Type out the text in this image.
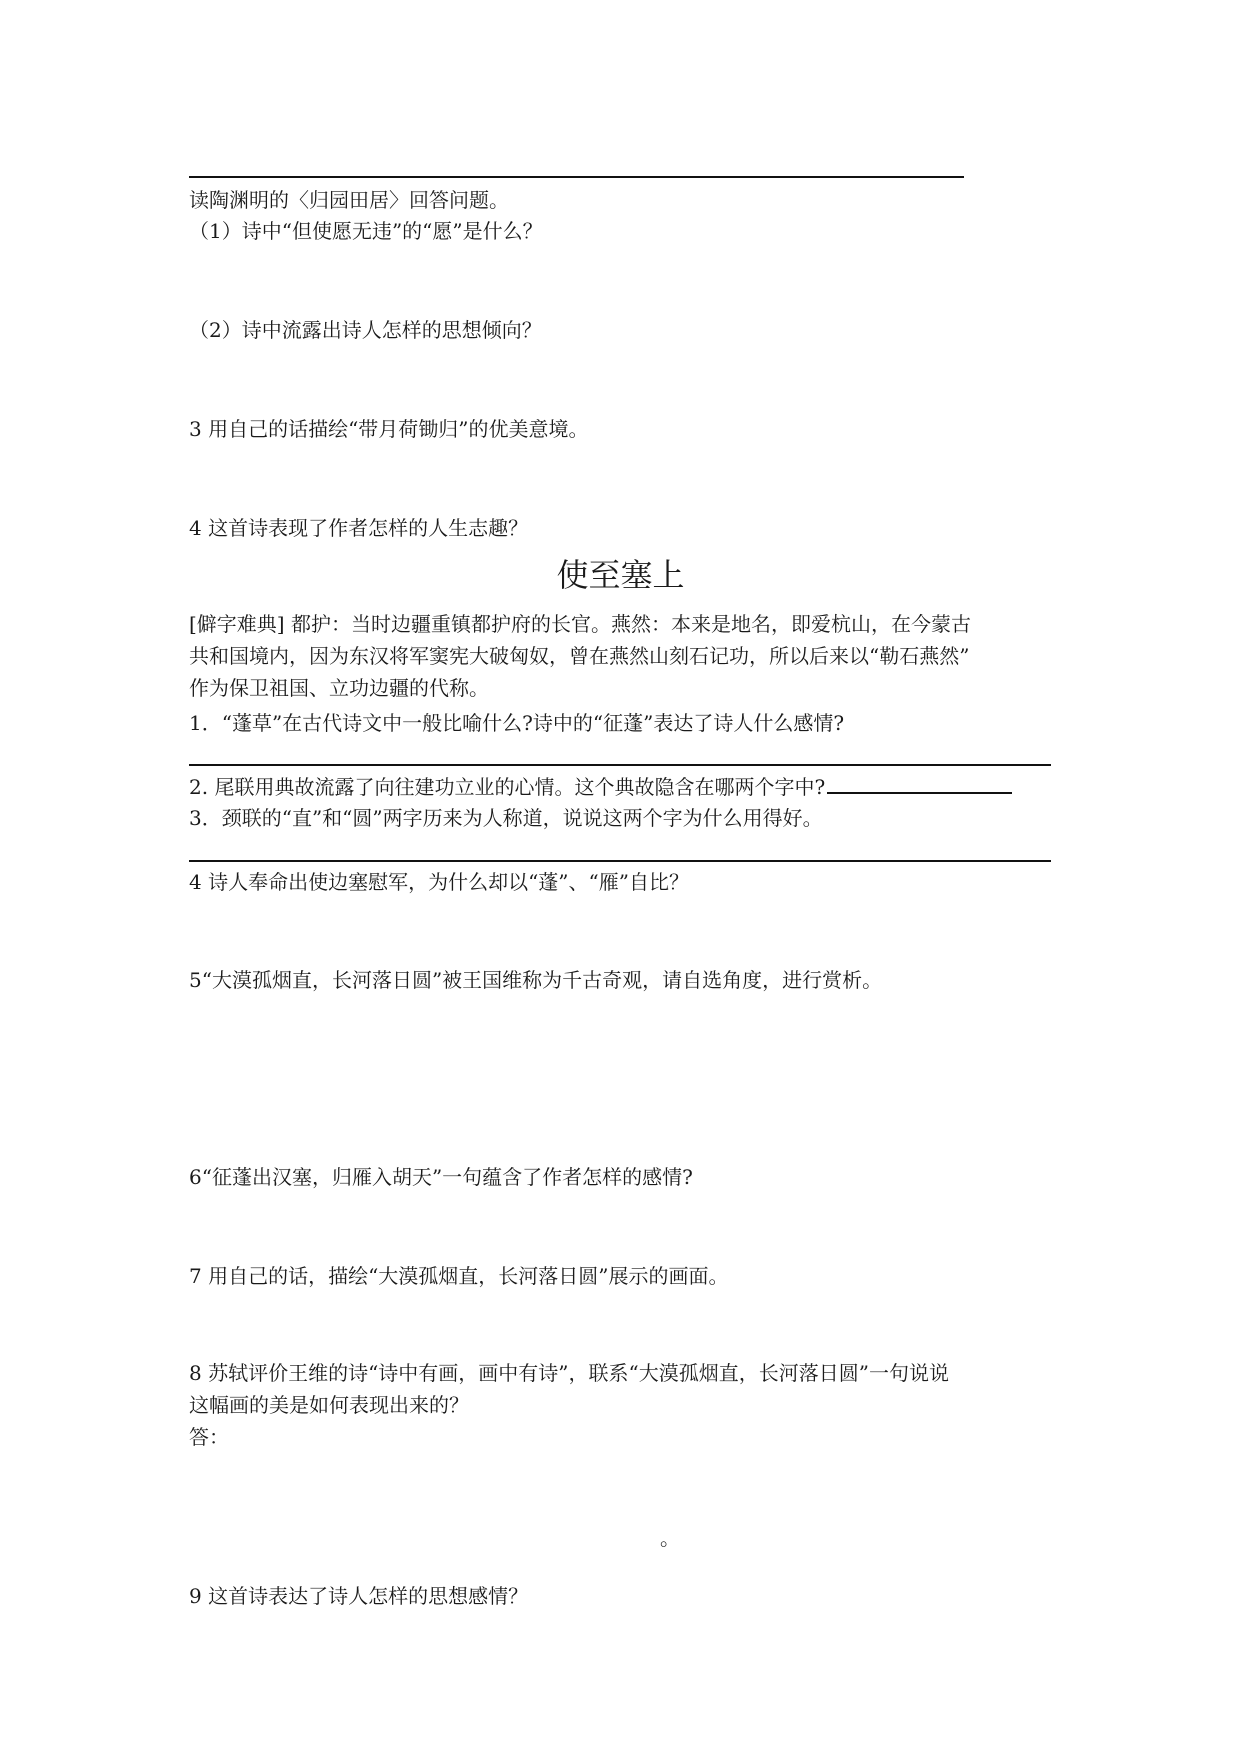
读陶渊明的〈归园田居〉回答问题。

（1）诗中“但使愿无违”的“愿”是什么？

（2）诗中流露出诗人怎样的思想倾向？

3 用自己的话描绘“带月荷锄归”的优美意境。

4 这首诗表现了作者怎样的人生志趣？

使至塞上

[僻字难典] 都护：当时边疆重镇都护府的长官。燕然：本来是地名，即爱杭山，在今蒙古

共和国境内，因为东汉将军窦宪大破匈奴，曾在燕然山刻石记功，所以后来以“勒石燕然”

作为保卫祖国、立功边疆的代称。

1．“蓬草”在古代诗文中一般比喻什么?诗中的“征蓬”表达了诗人什么感情?

2. 尾联用典故流露了向往建功立业的心情。这个典故隐含在哪两个字中?

3．颈联的“直”和“圆”两字历来为人称道，说说这两个字为什么用得好。

4 诗人奉命出使边塞慰军，为什么却以“蓬”、“雁”自比？

5“大漠孤烟直，长河落日圆”被王国维称为千古奇观，请自选角度，进行赏析。

6“征蓬出汉塞，归雁入胡天”一句蕴含了作者怎样的感情?

7 用自己的话，描绘“大漠孤烟直，长河落日圆”展示的画面。

8 苏轼评价王维的诗“诗中有画，画中有诗”，联系“大漠孤烟直，长河落日圆”一句说说

这幅画的美是如何表现出来的？

答：

。

9 这首诗表达了诗人怎样的思想感情？
